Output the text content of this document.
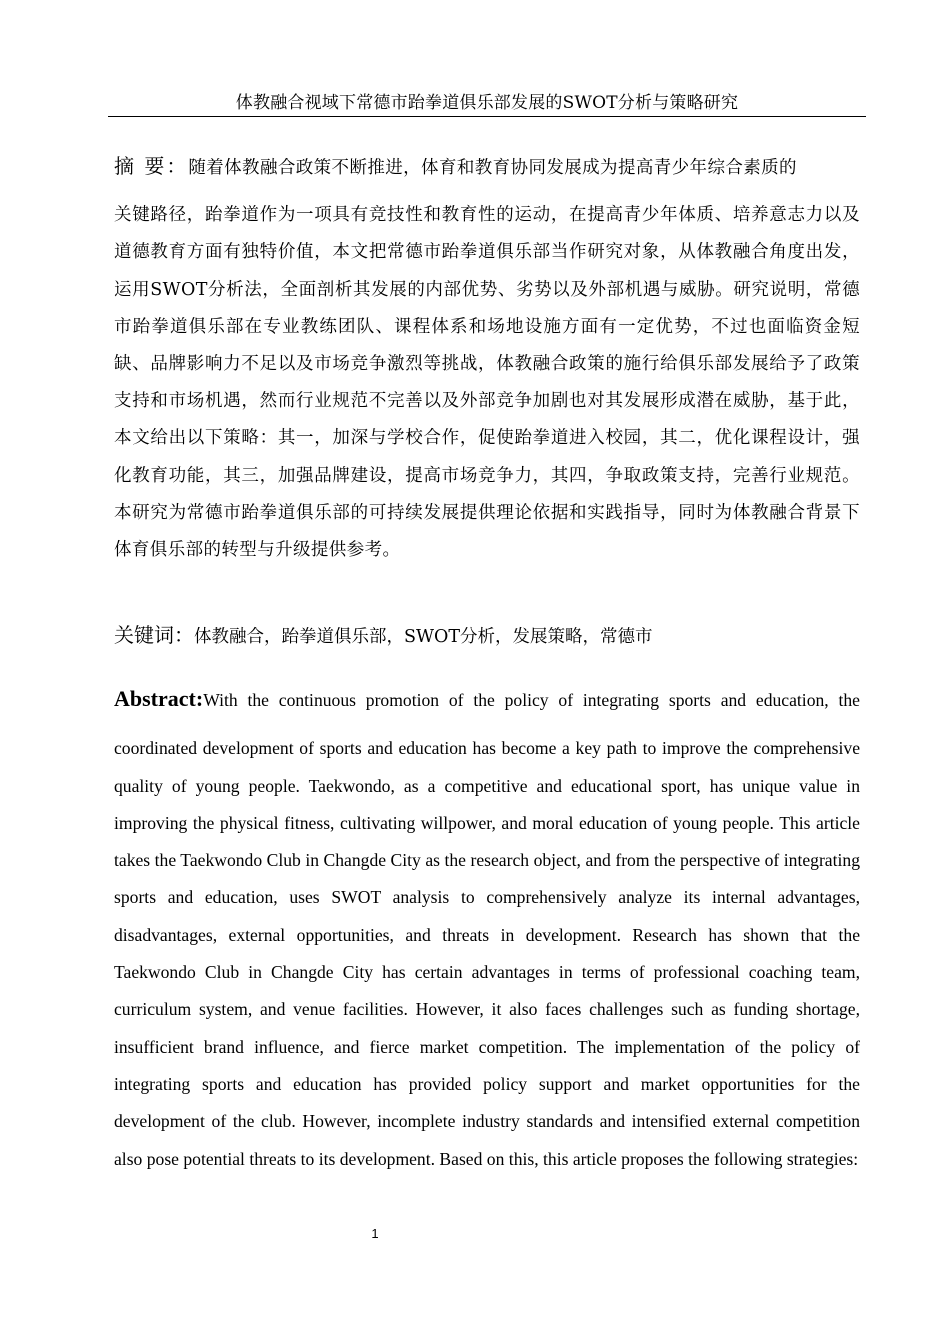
体教融合视域下常德市跆拳道俱乐部发展的SWOT分析与策略研究
摘 要：随着体教融合政策不断推进，体育和教育协同发展成为提高青少年综合素质的
关键路径，跆拳道作为一项具有竞技性和教育性的运动，在提高青少年体质、培养意志力以及道德教育方面有独特价值，本文把常德市跆拳道俱乐部当作研究对象，从体教融合角度出发，运用SWOT分析法，全面剖析其发展的内部优势、劣势以及外部机遇与威胁。研究说明，常德市跆拳道俱乐部在专业教练团队、课程体系和场地设施方面有一定优势，不过也面临资金短缺、品牌影响力不足以及市场竞争激烈等挑战，体教融合政策的施行给俱乐部发展给予了政策支持和市场机遇，然而行业规范不完善以及外部竞争加剧也对其发展形成潜在威胁，基于此，本文给出以下策略：其一，加深与学校合作，促使跆拳道进入校园，其二，优化课程设计，强化教育功能，其三，加强品牌建设，提高市场竞争力，其四，争取政策支持，完善行业规范。本研究为常德市跆拳道俱乐部的可持续发展提供理论依据和实践指导，同时为体教融合背景下体育俱乐部的转型与升级提供参考。
关键词：体教融合，跆拳道俱乐部，SWOT分析，发展策略，常德市
Abstract:With the continuous promotion of the policy of integrating sports and education, the
coordinated development of sports and education has become a key path to improve the comprehensive quality of young people. Taekwondo, as a competitive and educational sport, has unique value in improving the physical fitness, cultivating willpower, and moral education of young people. This article takes the Taekwondo Club in Changde City as the research object, and from the perspective of integrating sports and education, uses SWOT analysis to comprehensively analyze its internal advantages, disadvantages, external opportunities, and threats in development. Research has shown that the Taekwondo Club in Changde City has certain advantages in terms of professional coaching team, curriculum system, and venue facilities. However, it also faces challenges such as funding shortage, insufficient brand influence, and fierce market competition. The implementation of the policy of integrating sports and education has provided policy support and market opportunities for the development of the club. However, incomplete industry standards and intensified external competition also pose potential threats to its development. Based on this, this article proposes the following strategies:
1
